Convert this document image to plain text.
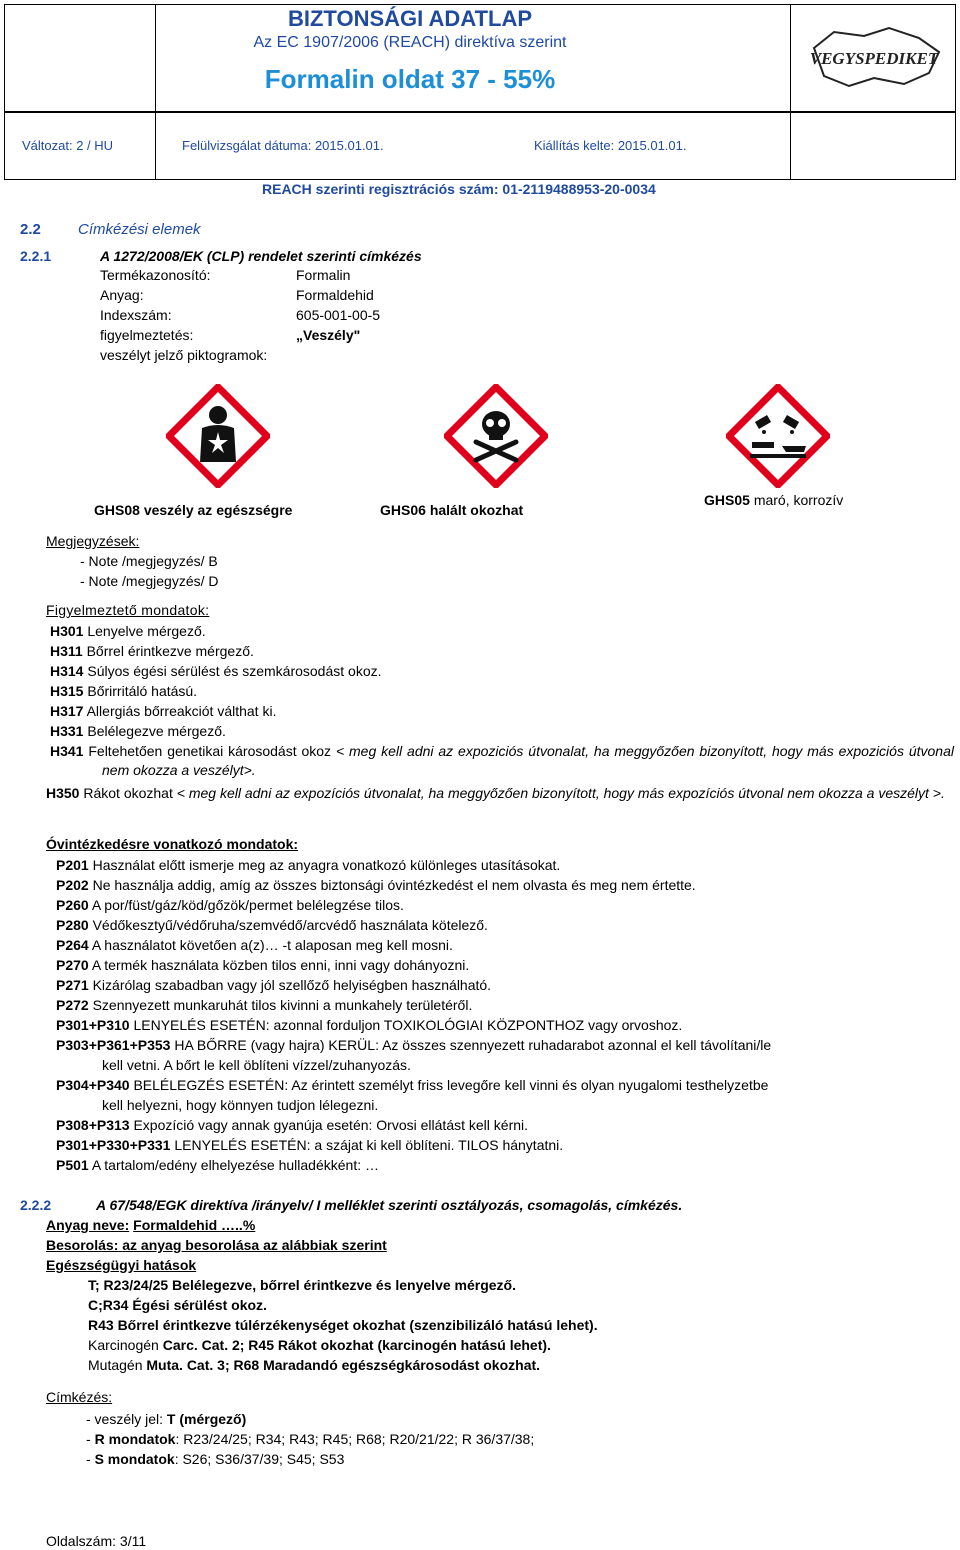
BIZTONSÁGI ADATLAP
Az EC 1907/2006 (REACH) direktíva szerint
Formalin oldat 37 - 55%
VEGYSPEDIKET
Változat: 2 / HU	Felülvizsgálat dátuma: 2015.01.01.	Kiállítás kelte: 2015.01.01.
REACH szerinti regisztrációs szám: 01-2119488953-20-0034
2.2 Címkézési elemek
2.2.1	A 1272/2008/EK (CLP) rendelet szerinti címkézés
Termékazonosító:	Formalin
Anyag:	Formaldehid
Indexszám:	605-001-00-5
figyelmeztetés:	„Veszély"
veszélyt jelző piktogramok:
GHS08 veszély az egészségre	GHS06 halált okozhat
GHS05 maró, korrozív
Megjegyzések:
- Note /megjegyzés/ B
- Note /megjegyzés/ D
Figyelmeztető mondatok:
H301 Lenyelve mérgező.
H311 Bőrrel érintkezve mérgező.
H314 Súlyos égési sérülést és szemkárosodást okoz.
H315 Bőrirritáló hatású.
H317 Allergiás bőrreakciót válthat ki.
H331 Belélegezve mérgező.
H341 Feltehetően genetikai károsodást okoz < meg kell adni az expoziciós útvonalat, ha meggyőzően bizonyított, hogy más expoziciós útvonal nem okozza a veszélyt>.
H350 Rákot okozhat < meg kell adni az expozíciós útvonalat, ha meggyőzően bizonyított, hogy más expozíciós útvonal nem okozza a veszélyt >.
Óvintézkedésre vonatkozó mondatok:
P201 Használat előtt ismerje meg az anyagra vonatkozó különleges utasításokat.
P202 Ne használja addig, amíg az összes biztonsági óvintézkedést el nem olvasta és meg nem értette.
P260 A por/füst/gáz/köd/gőzök/permet belélegzése tilos.
P280 Védőkesztyű/védőruha/szemvédő/arcvédő használata kötelező.
P264 A használatot követően a(z)… -t alaposan meg kell mosni.
P270 A termék használata közben tilos enni, inni vagy dohányozni.
P271 Kizárólag szabadban vagy jól szellőző helyiségben használható.
P272 Szennyezett munkaruhát tilos kivinni a munkahely területéről.
P301+P310 LENYELÉS ESETÉN: azonnal forduljon TOXIKOLÓGIAI KÖZPONTHOZ vagy orvoshoz.
P303+P361+P353 HA BŐRRE (vagy hajra) KERÜL: Az összes szennyezett ruhadarabot azonnal el kell távolítani/le
kell vetni. A bőrt le kell öblíteni vízzel/zuhanyozás.
P304+P340 BELÉLEGZÉS ESETÉN: Az érintett személyt friss levegőre kell vinni és olyan nyugalomi testhelyzetbe
kell helyezni, hogy könnyen tudjon lélegezni.
P308+P313 Expozíció vagy annak gyanúja esetén: Orvosi ellátást kell kérni.
P301+P330+P331 LENYELÉS ESETÉN: a szájat ki kell öblíteni. TILOS hánytatni.
P501 A tartalom/edény elhelyezése hulladékként: …
2.2.2	A 67/548/EGK direktíva /irányelv/ I melléklet szerinti osztályozás, csomagolás, címkézés.
Anyag neve: Formaldehid …..%
Besorolás: az anyag besorolása az alábbiak szerint
Egészségügyi hatások
T; R23/24/25 Belélegezve, bőrrel érintkezve és lenyelve mérgező.
C;R34 Égési sérülést okoz.
R43 Bőrrel érintkezve túlérzékenységet okozhat (szenzibilizáló hatású lehet).
Karcinogén Carc. Cat. 2; R45 Rákot okozhat (karcinogén hatású lehet).
Mutagén Muta. Cat. 3; R68 Maradandó egészségkárosodást okozhat.
Címkézés:
- veszély jel: T (mérgező)
- R mondatok: R23/24/25; R34; R43; R45; R68; R20/21/22; R 36/37/38;
- S mondatok: S26; S36/37/39; S45; S53
Oldalszám: 3/11
